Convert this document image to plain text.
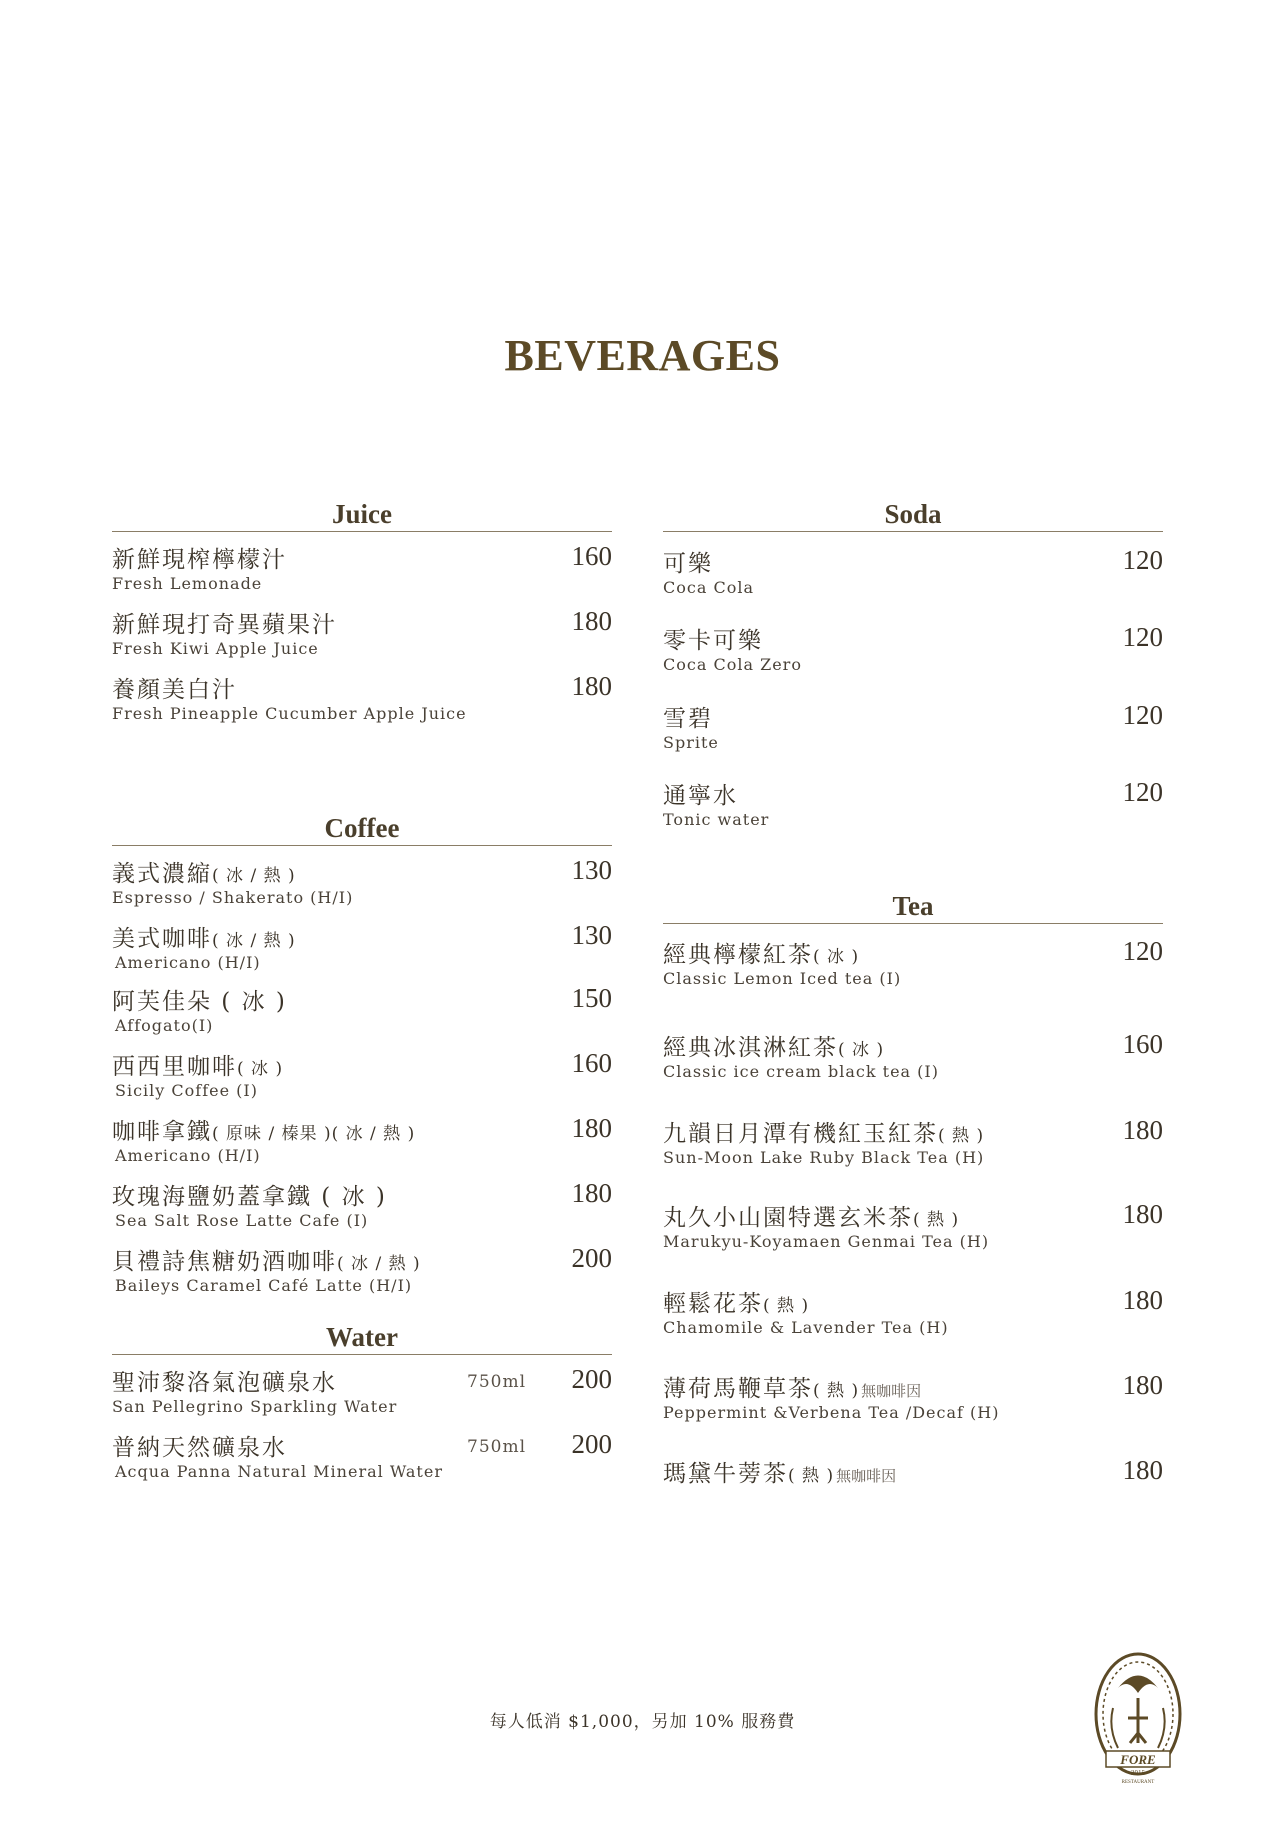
BEVERAGES
Juice
新鮮現榨檸檬汁
Fresh Lemonade
160
新鮮現打奇異蘋果汁
Fresh Kiwi Apple Juice
180
養顏美白汁
Fresh Pineapple Cucumber Apple Juice
180
Coffee
義式濃縮( 冰 / 熱 )
Espresso / Shakerato (H/I)
130
美式咖啡( 冰 / 熱 )
Americano (H/I)
130
阿芙佳朵 ( 冰 )
Affogato(I)
150
西西里咖啡( 冰 )
Sicily Coffee (I)
160
咖啡拿鐵( 原味 / 榛果 )( 冰 / 熱 )
Americano (H/I)
180
玫瑰海鹽奶蓋拿鐵 ( 冰 )
Sea Salt Rose Latte Cafe (I)
180
貝禮詩焦糖奶酒咖啡( 冰 / 熱 )
Baileys Caramel Café Latte (H/I)
200
Water
聖沛黎洛氣泡礦泉水	750ml
San Pellegrino Sparkling Water
200
普納天然礦泉水	750ml
Acqua Panna Natural Mineral Water
200
Soda
可樂
Coca Cola
120
零卡可樂
Coca Cola Zero
120
雪碧
Sprite
120
通寧水
Tonic water
120
Tea
經典檸檬紅茶( 冰 )
Classic Lemon Iced tea (I)
120
經典冰淇淋紅茶( 冰 )
Classic ice cream black tea (I)
160
九韻日月潭有機紅玉紅茶( 熱 )
Sun-Moon Lake Ruby Black Tea (H)
180
丸久小山園特選玄米茶( 熱 )
Marukyu-Koyamaen Genmai Tea (H)
180
輕鬆花茶( 熱 )
Chamomile & Lavender Tea (H)
180
薄荷馬鞭草茶( 熱 ) 無咖啡因
Peppermint &Verbena Tea /Decaf (H)
180
瑪黛牛蒡茶( 熱 ) 無咖啡因	180
每人低消 $1,000，另加 10% 服務費
FORE
2015
RESTAURANT
